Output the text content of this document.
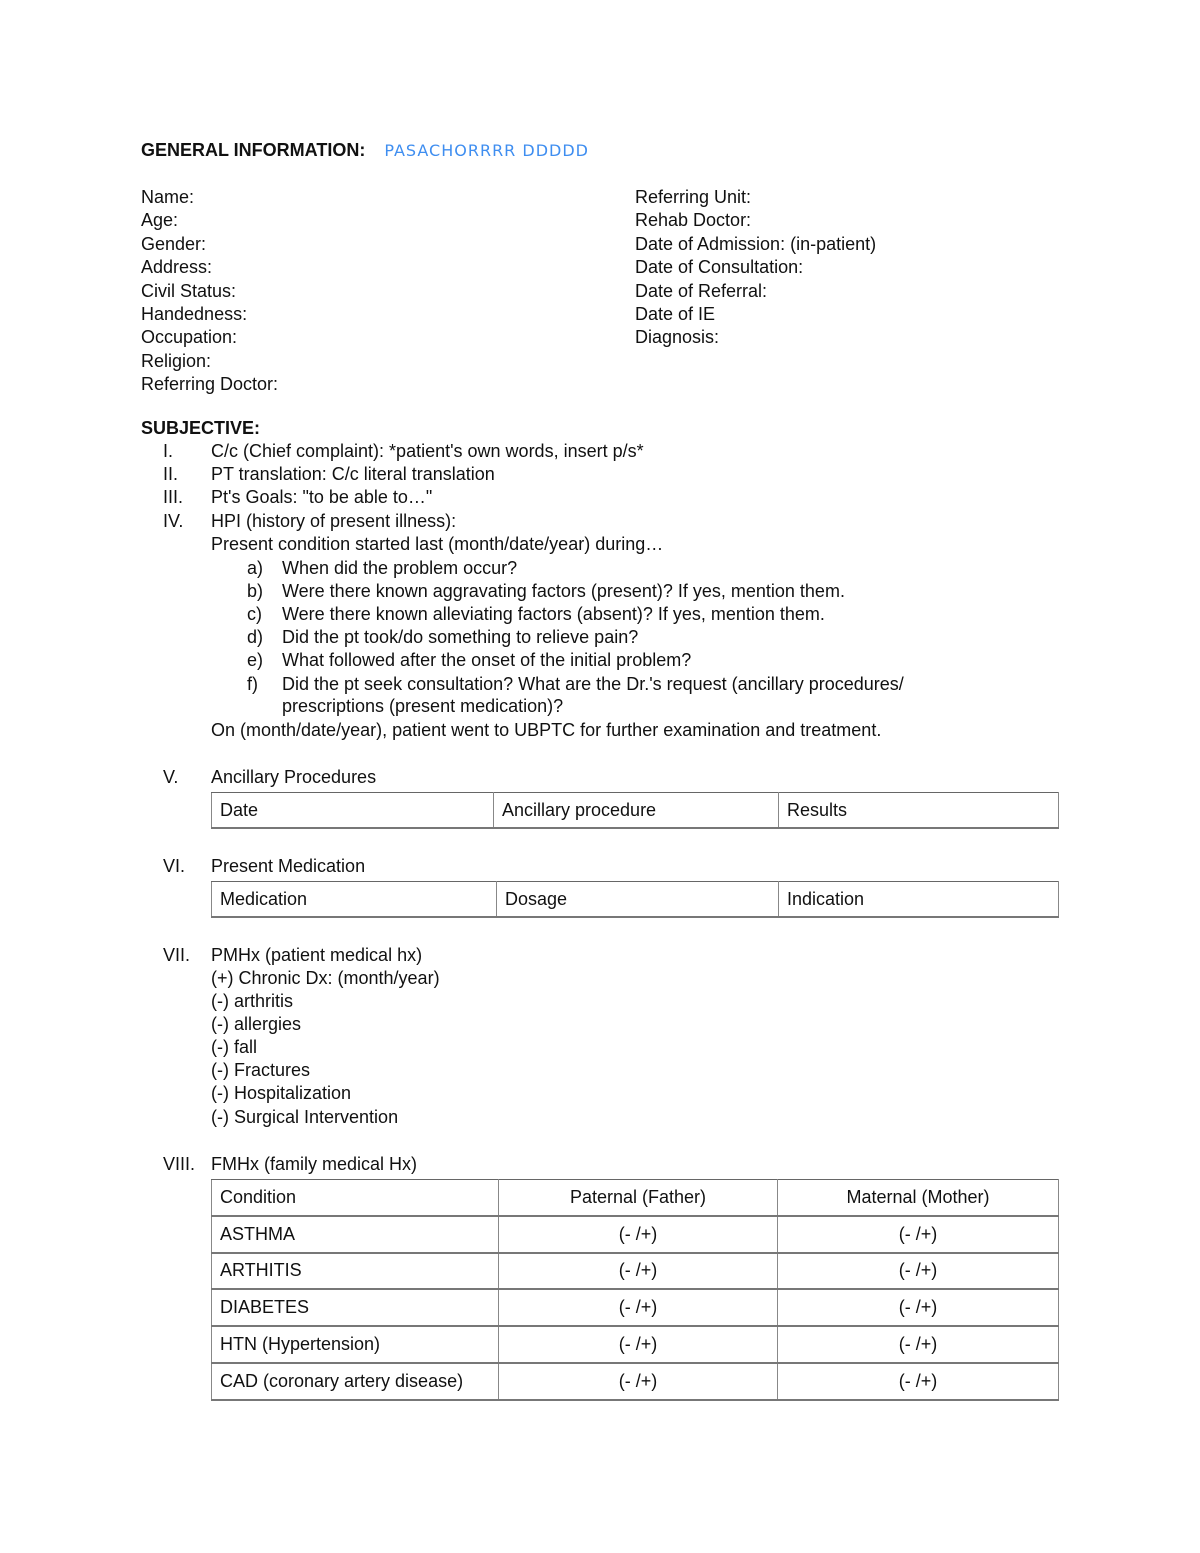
GENERAL INFORMATION: PASACHORRRR DDDDD
Name:
Age:
Gender:
Address:
Civil Status:
Handedness:
Occupation:
Religion:
Referring Doctor:
Referring Unit:
Rehab Doctor:
Date of Admission: (in-patient)
Date of Consultation:
Date of Referral:
Date of IE
Diagnosis:
SUBJECTIVE:
I.	C/c (Chief complaint): *patient's own words, insert p/s*
II.	PT translation: C/c literal translation
III.	Pt's Goals: "to be able to…"
IV.	HPI (history of present illness):
Present condition started last (month/date/year) during…
a)	When did the problem occur?
b)	Were there known aggravating factors (present)? If yes, mention them.
c)	Were there known alleviating factors (absent)? If yes, mention them.
d)	Did the pt took/do something to relieve pain?
e)	What followed after the onset of the initial problem?
f)	Did the pt seek consultation? What are the Dr.'s request (ancillary procedures/
prescriptions (present medication)?
On (month/date/year), patient went to UBPTC for further examination and treatment.
V.	Ancillary Procedures
Date	Ancillary procedure	Results
VI.	Present Medication
Medication	Dosage	Indication
VII.	PMHx (patient medical hx)
(+) Chronic Dx: (month/year)
(-) arthritis
(-) allergies
(-) fall
(-) Fractures
(-) Hospitalization
(-) Surgical Intervention
VIII. FMHx (family medical Hx)
Condition	Paternal (Father)	Maternal (Mother)
ASTHMA	(- /+)	(- /+)
ARTHITIS	(- /+)	(- /+)
DIABETES	(- /+)	(- /+)
HTN (Hypertension)	(- /+)	(- /+)
CAD (coronary artery disease)	(- /+)	(- /+)
